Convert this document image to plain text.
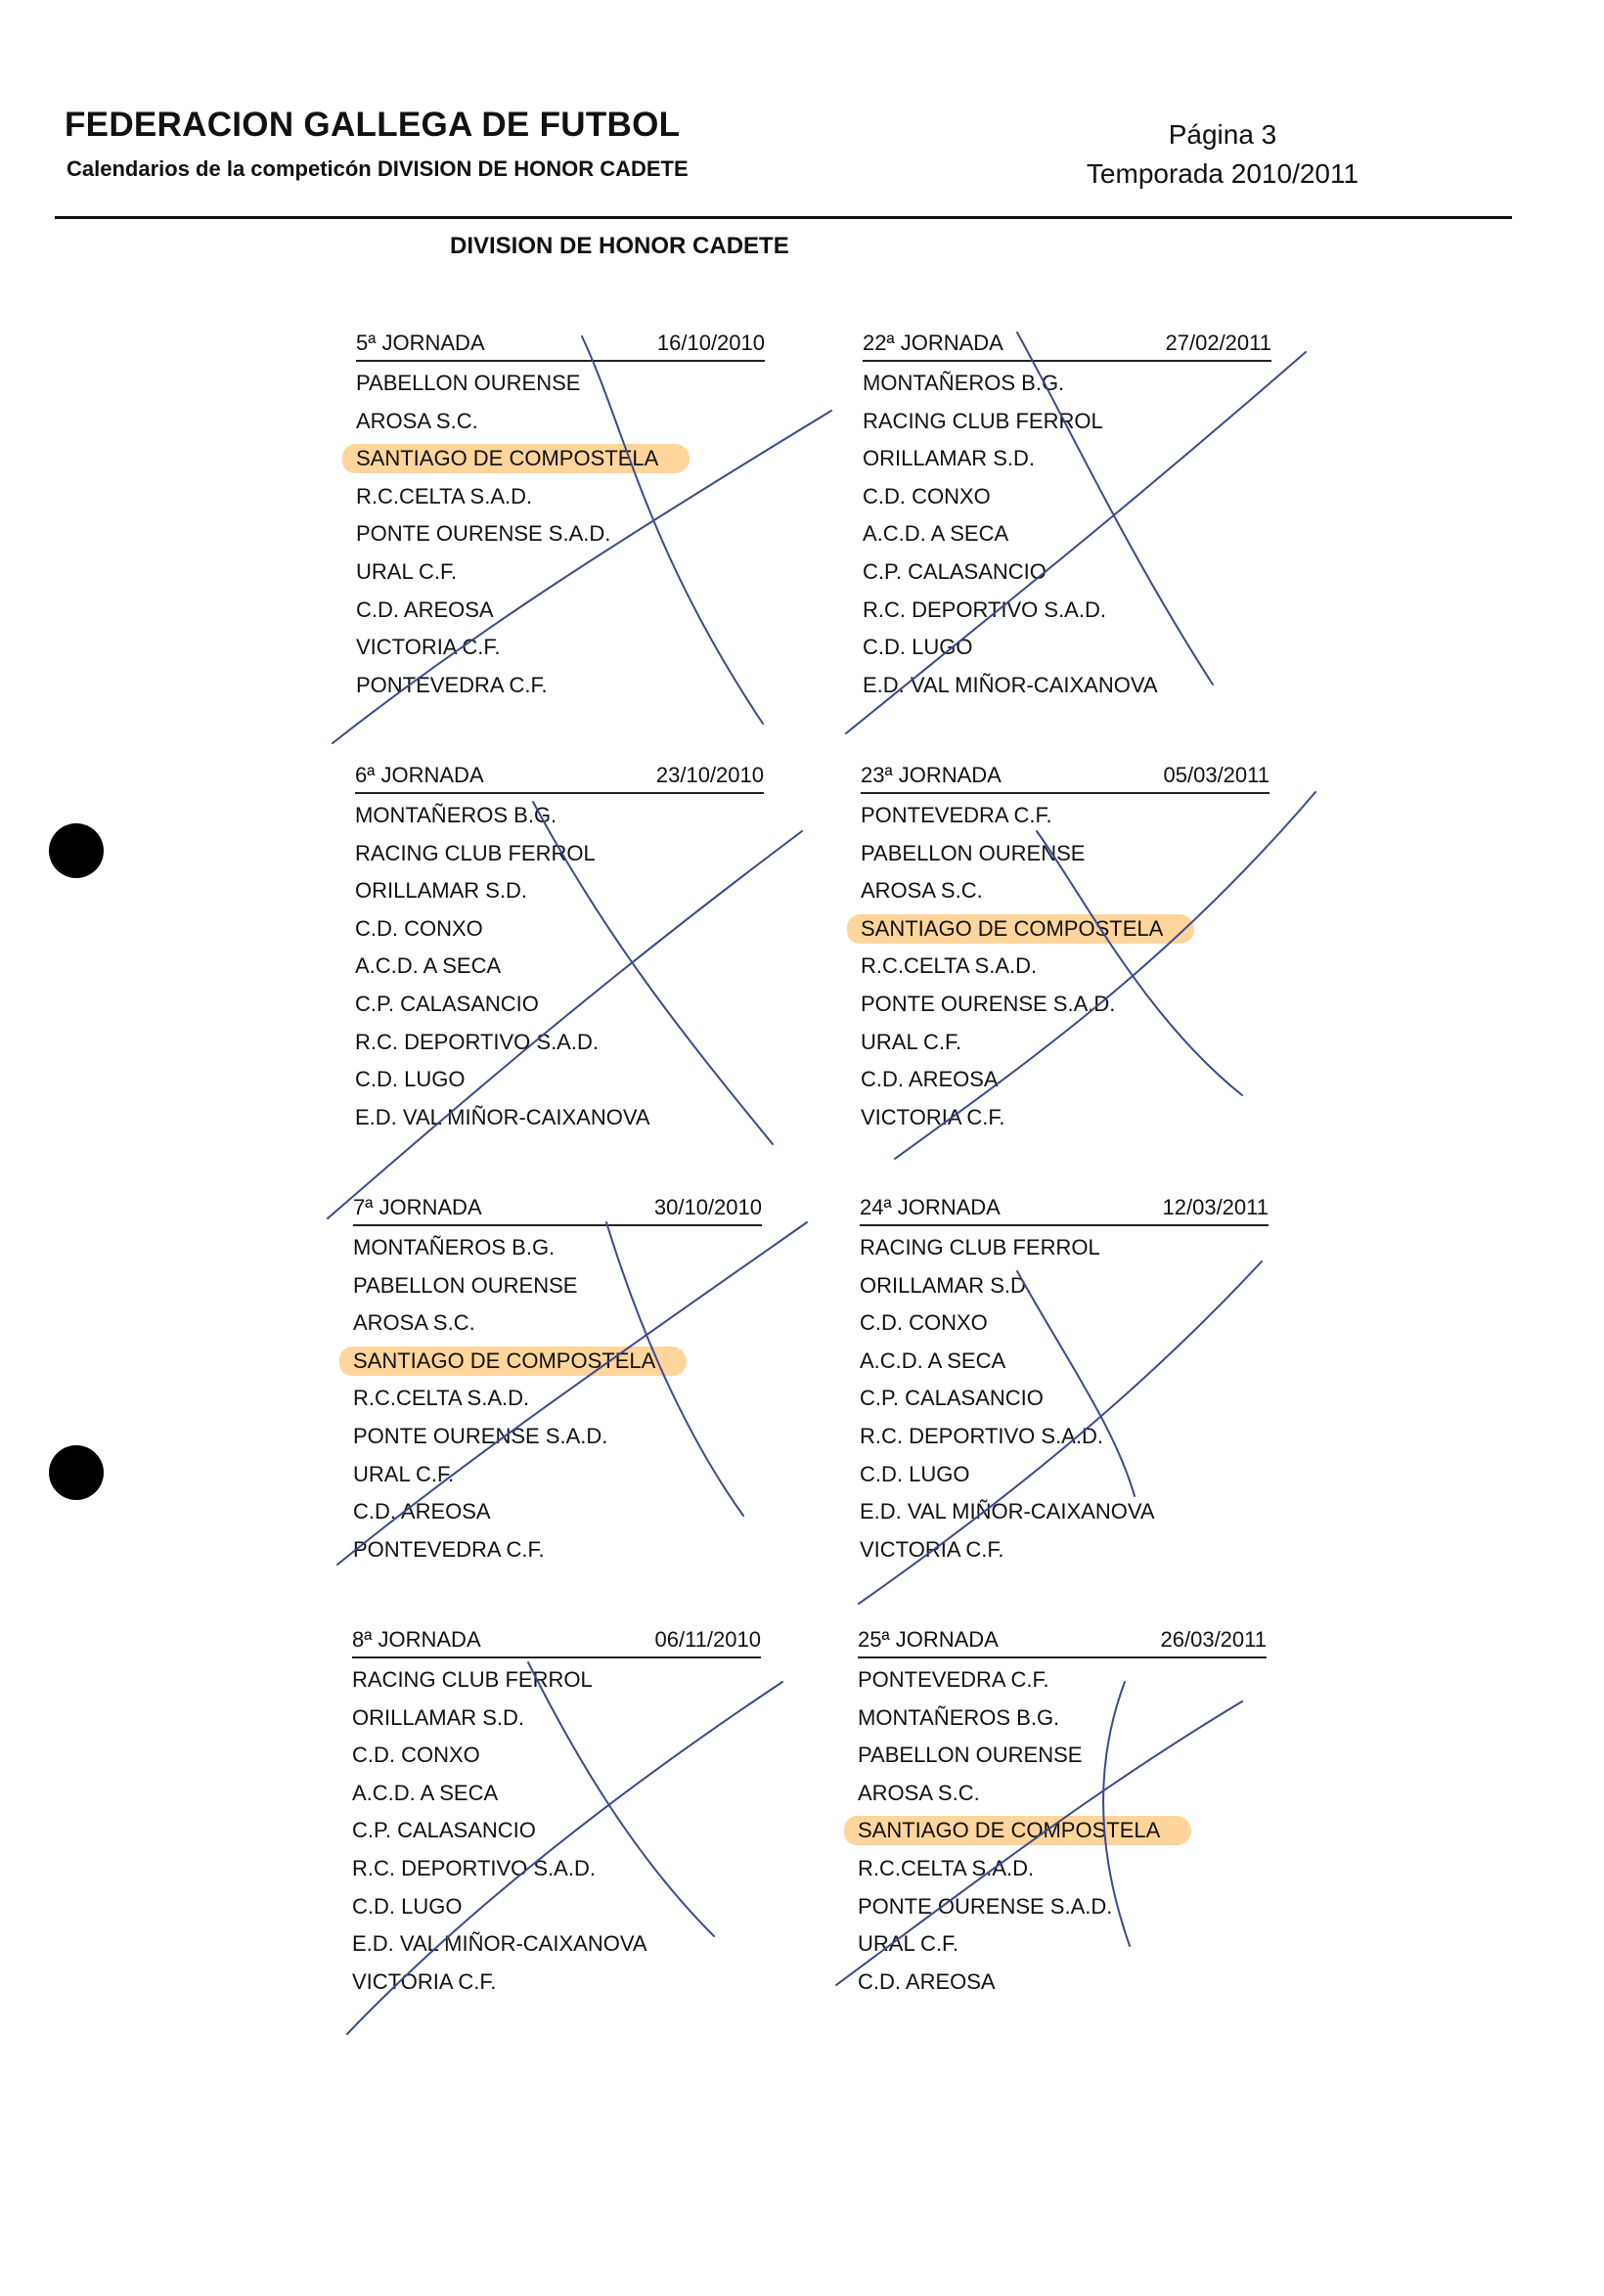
FEDERACION GALLEGA DE FUTBOL
Calendarios de la competicón DIVISION DE HONOR CADETE
Página 3
Temporada 2010/2011
DIVISION DE HONOR CADETE
5ª JORNADA	16/10/2010
PABELLON OURENSE
AROSA S.C.
SANTIAGO DE COMPOSTELA
R.C.CELTA S.A.D.
PONTE OURENSE S.A.D.
URAL C.F.
C.D. AREOSA
VICTORIA C.F.
PONTEVEDRA C.F.
22ª JORNADA	27/02/2011
MONTAÑEROS B.G.
RACING CLUB FERROL
ORILLAMAR S.D.
C.D. CONXO
A.C.D. A SECA
C.P. CALASANCIO
R.C. DEPORTIVO S.A.D.
C.D. LUGO
E.D. VAL MIÑOR-CAIXANOVA
6ª JORNADA	23/10/2010
MONTAÑEROS B.G.
RACING CLUB FERROL
ORILLAMAR S.D.
C.D. CONXO
A.C.D. A SECA
C.P. CALASANCIO
R.C. DEPORTIVO S.A.D.
C.D. LUGO
E.D. VAL MIÑOR-CAIXANOVA
23ª JORNADA	05/03/2011
PONTEVEDRA C.F.
PABELLON OURENSE
AROSA S.C.
SANTIAGO DE COMPOSTELA
R.C.CELTA S.A.D.
PONTE OURENSE S.A.D.
URAL C.F.
C.D. AREOSA
VICTORIA C.F.
7ª JORNADA	30/10/2010
MONTAÑEROS B.G.
PABELLON OURENSE
AROSA S.C.
SANTIAGO DE COMPOSTELA
R.C.CELTA S.A.D.
PONTE OURENSE S.A.D.
URAL C.F.
C.D. AREOSA
PONTEVEDRA C.F.
24ª JORNADA	12/03/2011
RACING CLUB FERROL
ORILLAMAR S.D.
C.D. CONXO
A.C.D. A SECA
C.P. CALASANCIO
R.C. DEPORTIVO S.A.D.
C.D. LUGO
E.D. VAL MIÑOR-CAIXANOVA
VICTORIA C.F.
8ª JORNADA	06/11/2010
RACING CLUB FERROL
ORILLAMAR S.D.
C.D. CONXO
A.C.D. A SECA
C.P. CALASANCIO
R.C. DEPORTIVO S.A.D.
C.D. LUGO
E.D. VAL MIÑOR-CAIXANOVA
VICTORIA C.F.
25ª JORNADA	26/03/2011
PONTEVEDRA C.F.
MONTAÑEROS B.G.
PABELLON OURENSE
AROSA S.C.
SANTIAGO DE COMPOSTELA
R.C.CELTA S.A.D.
PONTE OURENSE S.A.D.
URAL C.F.
C.D. AREOSA
